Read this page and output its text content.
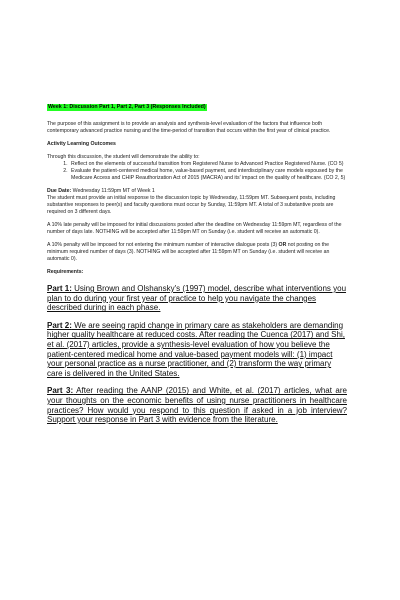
Week 1: Discussion Part 1, Part 2, Part 3 (Responses Included)

The purpose of this assignment is to provide an analysis and synthesis-level evaluation of the factors that influence both contemporary advanced practice nursing and the time-period of transition that occurs within the first year of clinical practice.

Activity Learning Outcomes

Through this discussion, the student will demonstrate the ability to:

1. Reflect on the elements of successful transition from Registered Nurse to Advanced Practice Registered Nurse. (CO 5)
2. Evaluate the patient-centered medical home, value-based payment, and interdisciplinary care models espoused by the Medicare Access and CHIP Reauthorization Act of 2015 (MACRA) and its' impact on the quality of healthcare. (CO 2, 5)

Due Date: Wednesday 11:59pm MT of Week 1

The student must provide an initial response to the discussion topic by Wednesday, 11:59pm MT. Subsequent posts, including substantive responses to peer(s) and faculty questions must occur by Sunday, 11:59pm MT. A total of 3 substantive posts are required on 3 different days.

A 10% late penalty will be imposed for initial discussions posted after the deadline on Wednesday 11:59pm MT, regardless of the number of days late. NOTHING will be accepted after 11:59pm MT on Sunday (i.e. student will receive an automatic 0).

A 10% penalty will be imposed for not entering the minimum number of interactive dialogue posts (3) OR not posting on the minimum required number of days (3). NOTHING will be accepted after 11:59pm MT on Sunday (i.e. student will receive an automatic 0).

Requirements:

Part 1: Using Brown and Olshansky's (1997) model, describe what interventions you plan to do during your first year of practice to help you navigate the changes described during in each phase.

Part 2: We are seeing rapid change in primary care as stakeholders are demanding higher quality healthcare at reduced costs. After reading the Cuenca (2017) and Shi, et al. (2017) articles, provide a synthesis-level evaluation of how you believe the patient-centered medical home and value-based payment models will: (1) impact your personal practice as a nurse practitioner, and (2) transform the way primary care is delivered in the United States.

Part 3: After reading the AANP (2015) and White, et al. (2017) articles, what are your thoughts on the economic benefits of using nurse practitioners in healthcare practices? How would you respond to this question if asked in a job interview? Support your response in Part 3 with evidence from the literature.
